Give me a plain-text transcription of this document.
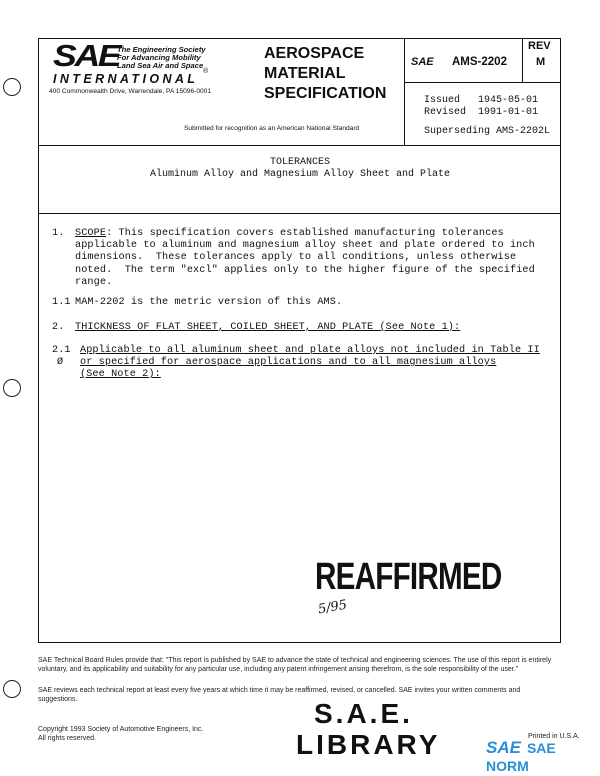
SAE
The Engineering Society
For Advancing Mobility
Land Sea Air and Space
INTERNATIONAL
®
400 Commonwealth Drive, Warrendale, PA 15096-0001
AEROSPACE
MATERIAL
SPECIFICATION
Submitted for recognition as an American National Standard
SAE AMS-2202
REV
M
Issued   1945-05-01
Revised  1991-01-01
Superseding AMS-2202L
TOLERANCES
Aluminum Alloy and Magnesium Alloy Sheet and Plate
1. SCOPE: This specification covers established manufacturing tolerances
applicable to aluminum and magnesium alloy sheet and plate ordered to inch
dimensions.  These tolerances apply to all conditions, unless otherwise
noted.  The term "excl" applies only to the higher figure of the specified
range.
1.1 MAM-2202 is the metric version of this AMS.
2. THICKNESS OF FLAT SHEET, COILED SHEET, AND PLATE (See Note 1):
2.1
Ø
Applicable to all aluminum sheet and plate alloys not included in Table II
or specified for aerospace applications and to all magnesium alloys
(See Note 2):
REAFFIRMED
5/95
SAE Technical Board Rules provide that: "This report is published by SAE to advance the state of technical and engineering sciences. The use of this report is entirely voluntary, and its applicability and suitability for any particular use, including any patent infringement arising therefrom, is the sole responsibility of the user."
SAE reviews each technical report at least every five years at which time it may be reaffirmed, revised, or cancelled. SAE invites your written comments and suggestions.
Copyright 1993 Society of Automotive Engineers, Inc.
All rights reserved.
S.A.E.
LIBRARY	Printed in U.S.A.
SAE SAE NORM
